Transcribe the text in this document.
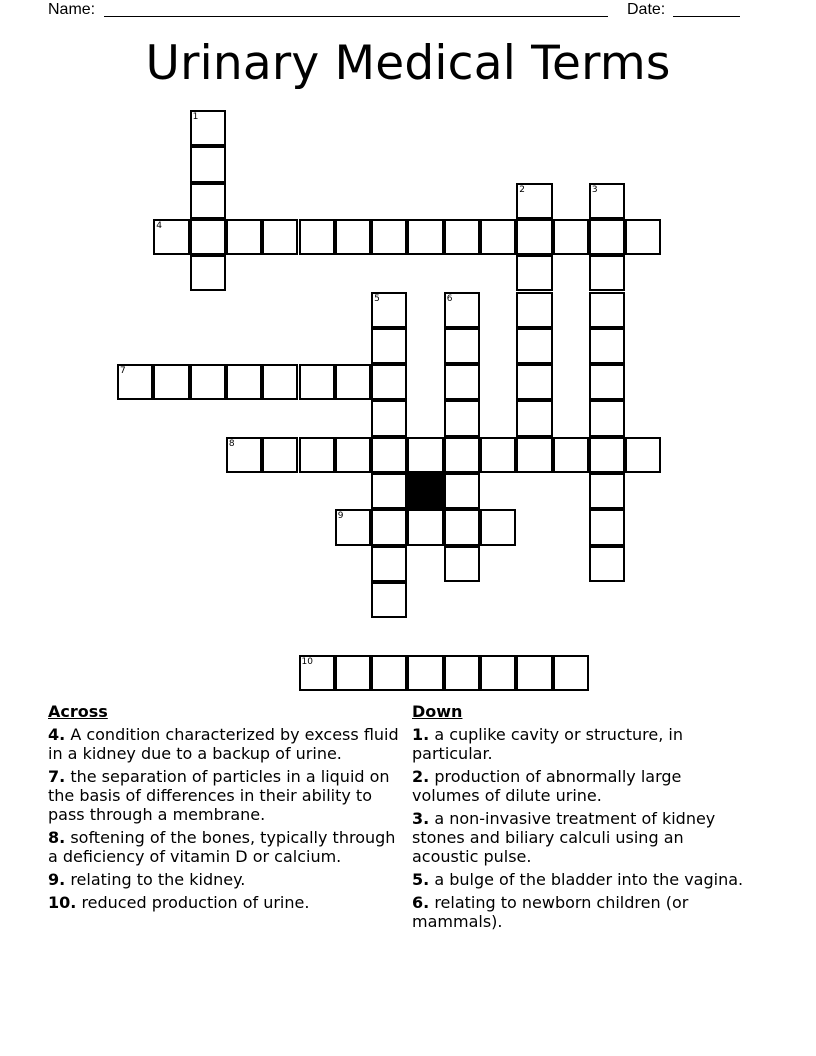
Name:	Date:
Urinary Medical Terms
1
2	3
4
5	6
7
8
9
10
Across
4. A condition characterized by excess fluid in a kidney due to a backup of urine.
7. the separation of particles in a liquid on the basis of differences in their ability to pass through a membrane.
8. softening of the bones, typically through a deficiency of vitamin D or calcium.
9. relating to the kidney.
10. reduced production of urine.
Down
1. a cuplike cavity or structure, in particular.
2. production of abnormally large volumes of dilute urine.
3. a non-invasive treatment of kidney stones and biliary calculi using an acoustic pulse.
5. a bulge of the bladder into the vagina.
6. relating to newborn children (or mammals).
